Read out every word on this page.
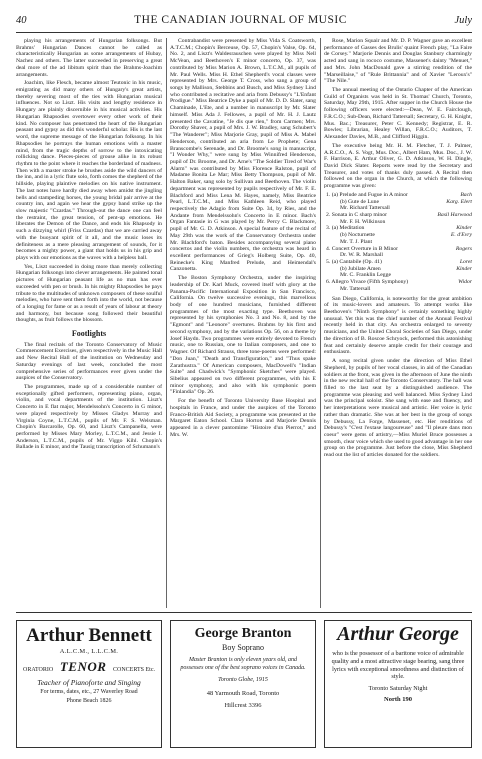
40	THE CANADIAN JOURNAL OF MUSIC	July

playing his arrangements of Hungarian folksongs. But Brahms' Hungarian Dances cannot be called as characteristically Hungarian as some arrangements of Hubay, Nachez and others. The latter succeeded in preserving a great deal more of the ad libitum spirit than the Brahms-Joachim arrangements.

Joachim, like Flesch, became almost Teutonic in his music, emigrating as did many others of Hungary's great artists, thereby severing most of the ties with Hungarian musical influences. Not so Liszt. His visits and lengthy residence in Hungary are plainly discernible in his musical activities. His Hungarian Rhapsodies overtower every other work of their kind. No composer has penetrated the heart of the Hungarian peasant and gypsy as did this wonderful scholar. His is the last word, the supreme message of the Hungarian folksong. In his Rhapsodies he portrays the human emotions with a master mind, from the tragic depths of sorrow to the intoxicating rollicking dance. Pieces-pieces of grouse alike in its robust rhythm to the point where it reaches the borderland of madness. Then with a master stroke he brushes aside the wild dancers of the inn, and in a lyric flute solo, forth comes the shepherd of the hillside, playing plaintive melodies on his native instrument. The last notes have hardly died away when amidst the jingling bells and stampeding horses, the young bridal pair arrive at the country inn, and again we hear the gypsy band strike up the slow majestic "Czardas." Through-out the dance one can feel the restraint, the great tension, of pent-up emotions. He liberates the Demon of the Dance, and ends his Rhapsody in such a dizzying whirl (Friss Czardas) that we are carried away with the buoyant spirit of it all, and the music loses its definiteness as a mere pleasing arrangement of sounds, for it becomes a mighty power, a giant that holds us in his grip and plays with our emotions as the waves with a helpless ball.

Yes, Liszt succeeded in doing more than merely collecting Hungarian folksongs into clever arrangements. He painted tonal pictures of Hungarian peasant life as no man has ever succeeded with pen or brush. In his mighty Rhapsodies he pays tribute to the multitudes of unknown composers of these soulful melodies, who have sent them forth into the world, not because of a longing for fame or as a result of years of labour at theory and harmony, but because song followed their beautiful thoughts, as fruit follows the blossom.

Footlights

The final recitals of the Toronto Conservatory of Music Commencement Exercises, given respectively in the Music Hall and New Recital Hall of the institution on Wednesday and Saturday evenings of last week, concluded the most comprehensive series of performances ever given under the auspices of the Conservatory.

The programmes, made up of a considerable number of exceptionally gifted performers, representing piano, organ, violin, and vocal departments of the institution. Liszt's Concerto in E flat major, Mendelssohn's Concerto in G minor, were played respectively by Misses Gladys Murray and Virginia Coyne, L.T.C.M., pupils of Mr. F. S. Welsman. Chopin's Barcarolle, Op. 60, and Liszt's Campanella, were performed by Misses Mary Morley, L.T.C.M., and Jessie I. Anderson, L.T.C.M., pupils of Mr. Viggo Kihl. Chopin's Ballade in E minor, and the Tausig transcription of Schumann's

Contrabandist were presented by Miss Vida S. Coatsworth, A.T.C.M.; Chopin's Berceuse, Op. 57, Chopin's Valse, Op. 64, No. 2, and Liszt's Waldesrauschen were played by Miss Nell McVean, and Beethoven's E minor concerto, Op. 37, was contributed by Miss Marion A. Brown, L.T.C.M., all pupils of Mr. Paul Wells. Miss H. Ethel Shepherd's vocal classes were represented by Mrs. George T. Cross, who sang a group of songs by Mallison, Stebbins and Busch, and Miss Sydney Lind who contributed a recitative and aria from Debussy's "L'Enfant Prodigue." Miss Beatrice Dyke a pupil of Mr. D. D. Slater, sang Chaminade, L'Ete, and a number in manuscript by Mr. Slater himself. Miss Ada J. Fellowes, a pupil of Mr. H. J. Lautz presented the Cavatine, "Je dis que rien," from Carmen; Mrs. Dorothy Shaver, a pupil of Mrs. J. W. Bradley, sang Schubert's "The Wanderer"; Miss Marjorie Gray, pupil of Miss A. Mabel Henderson, contributed an aria from Le Prophete; Gena Branscombe's Serenade, and Dr. Broome's song in manuscript, "I Wonder Why," were sung by Miss Winnifred Henderson, pupil of Dr. Broome, and Dr. Arne's "The Soldier Tired of War's Alarm" was contributed by Miss Florence Ralston, pupil of Madame Bonita Le Mar; Miss Betty Thompson, pupil of Mr. Halton Baker, sang solo by Sullivan and Beethoven. The violin department was represented by pupils respectively of Mr. F. E. Blachford and Miss Lena M. Hayes, namely, Miss Beatrice Pearl, L.T.C.M., and Miss Kathleen Reid, who played respectively the Adagio from Suite Op. 34, by Ries, and the Andante from Mendelssohn's Concerto in E minor. Bach's Organ Fantasie in G was played by Mr. Percy C. Blackmore, pupil of Mr. G. D. Atkinson. A special feature of the recital of May 29th was the work of the Conservatory Orchestra under Mr. Blachford's baton. Besides accompanying several piano concertos and the violin numbers, the orchestra was heard in excellent performances of Grieg's Holberg Suite, Op. 40, Reinecke's King Manfred Prelude, and Heimendal's Canzonetta.

The Boston Symphony Orchestra, under the inspiring leadership of Dr. Karl Muck, covered itself with glory at the Panama-Pacific International Exposition in San Francisco, California. On twelve successive evenings, this marvellous body of one hundred musicians, furnished different programmes of the most exacting type. Beethoven was represented by his symphonies No. 3 and No. 8, and by the "Egmont" and "Leonore" overtures. Brahms by his first and second symphony, and by the variations Op. 56, on a theme by Josef Haydn. Two programmes were entirely devoted to French music, one to Russian, one to Italian composers, and one to Wagner. Of Richard Strauss, three tone-poems were performed: "Don Juan," "Death and Transfiguration," and "Thus spake Zarathustra." Of American composers, MacDowell's "Indian Suite" and Chadwick's "Symphonic Sketches" were played. Sibelius appeared on two different programmes, with his E minor symphony, and also with his symphonic poem "Finlandia" Op. 26.

For the benefit of Toronto University Base Hospital and hospitals in France, and under the auspices of the Toronto Franco-British Aid Society, a programme was presented at the Margaret Eaton School. Clara Horton and Marjorie Dennis appeared in a clever pantomime "Histoire d'un Pierrot," and Mrs. W.

Rose, Marion Squair and Mr. D. P. Wagner gave an excellent performance of Gasses des Brulis' quaint French play, "La Faire de Corsey." Marjorie Dennis and Douglas Stanbury charmingly acted and sang in rococo costume, Massenet's dainty "Menuet," and Mrs. John MacDonald gave a stirring rendition of the "Marseillaise," of "Rule Brittannia" and of Xavier "Leroux's" "The Nile."

The annual meeting of the Ontario Chapter of the American Guild of Organists was held in St. Thomas' Church, Toronto, Saturday, May 29th, 1915. After supper in the Church House the following officers were elected:—Dean, W. E. Fairclough, F.R.C.O.; Sub-Dean, Richard Tattersall; Secretary, G. H. Knight, Mus. Bac.; Treasurer, Peter C. Kennedy; Registrar, E. R. Bowles; Librarian, Healey Willan, F.R.C.O.; Auditors, T. Alexander Davies, M.B., and Clifford Higgin.

The executive being Mr. H. M. Fletcher, T. J. Palmer, A.R.C.O., A. S. Vogt, Mus. Doc., Albert Ham, Mus. Doc., J. W. F. Harrison, E. Arthur Oliver, G. D. Atkinson, W. H. Dingle, David Dick Slater. Reports were read by the Secretary and Treasurer, and votes of thanks duly passed. A Recital then followed on the organ in the Church, at which the following programme was given:

1. (a) Prelude and Fugue in A minor	Bach
(b) Gute de Lune	Karg. Elert
Mr. Richard Tattersall
2. Sonata in C sharp minor	Basil Harwood
Mr. F. H. Wilkinson
3. (a) Meditation	Kinder
(b) Nocturnette	E. d'Evry
Mr. T. J. Plant
4. Concert Overture in B Minor	Rogers
Dr. W. R. Marshall
5. (a) Cantabile (Op. 41)	Loret
(b) Jubilate Amen	Kinder
Mr. C. Franklin Legge
6. Allegro Vivace (Fifth Symphony)	Widor
Mr. Tattersall

San Diego, California, is noteworthy for the great ambition of its music-lovers and amateurs. To attempt works like Beethoven's "Ninth Symphony" is certainly something highly unusual. Yet this was the chief number of the Annual Festival recently held in that city. An orchestra enlarged to seventy musicians, and the United Choral Societies of San Diego, under the direction of B. Roscoe Schryock, performed this astonishing feat and certainly deserve ample credit for their courage and enthusiasm.

A song recital given under the direction of Miss Ethel Shepherd, by pupils of her vocal classes, in aid of the Canadian soldiers at the front, was given in the afternoon of June the ninth in the new recital hall of the Toronto Conservatory. The hall was filled to the last seat by a distinguished audience. The programme was pleasing and well balanced. Miss Sydney Lind was the principal soloist. She sang with ease and fluency, and her interpretations were musical and artistic. Her voice is lyric rather than dramatic. She was at her best in the group of songs by Debussy, La Forge, Massenet, etc. Her renditions of Debussy's "C'est l'extase langoureuse" and "Il pleure dans mon coeur" were gems of artistry,—Miss Muriel Bruce possesses a smooth, clear voice which she used to good advantage in her one group on the programme. Just before the close, Miss Shepherd read out the list of articles donated for the soldiers.

Arthur Bennett
A.L.C.M., L.L.C.M.
ORATORIO TENOR CONCERTS Etc.
Teacher of Pianoforte and Singing
For terms, dates, etc., 27 Waverley Road
Phone Beach 1826
George Branton
Boy Soprano
Master Branton is only eleven years old, and possesses one of the best soprano voices in Canada.
Toronto Globe, 1915
48 Yarmouth Road, Toronto
Hillcrest 3396
Arthur George
who is the possessor of a baritone voice of admirable quality and a most attractive stage bearing, sang three lyrics with exceptional smoothness and distinction of style.
Toronto Saturday Night
North 190
